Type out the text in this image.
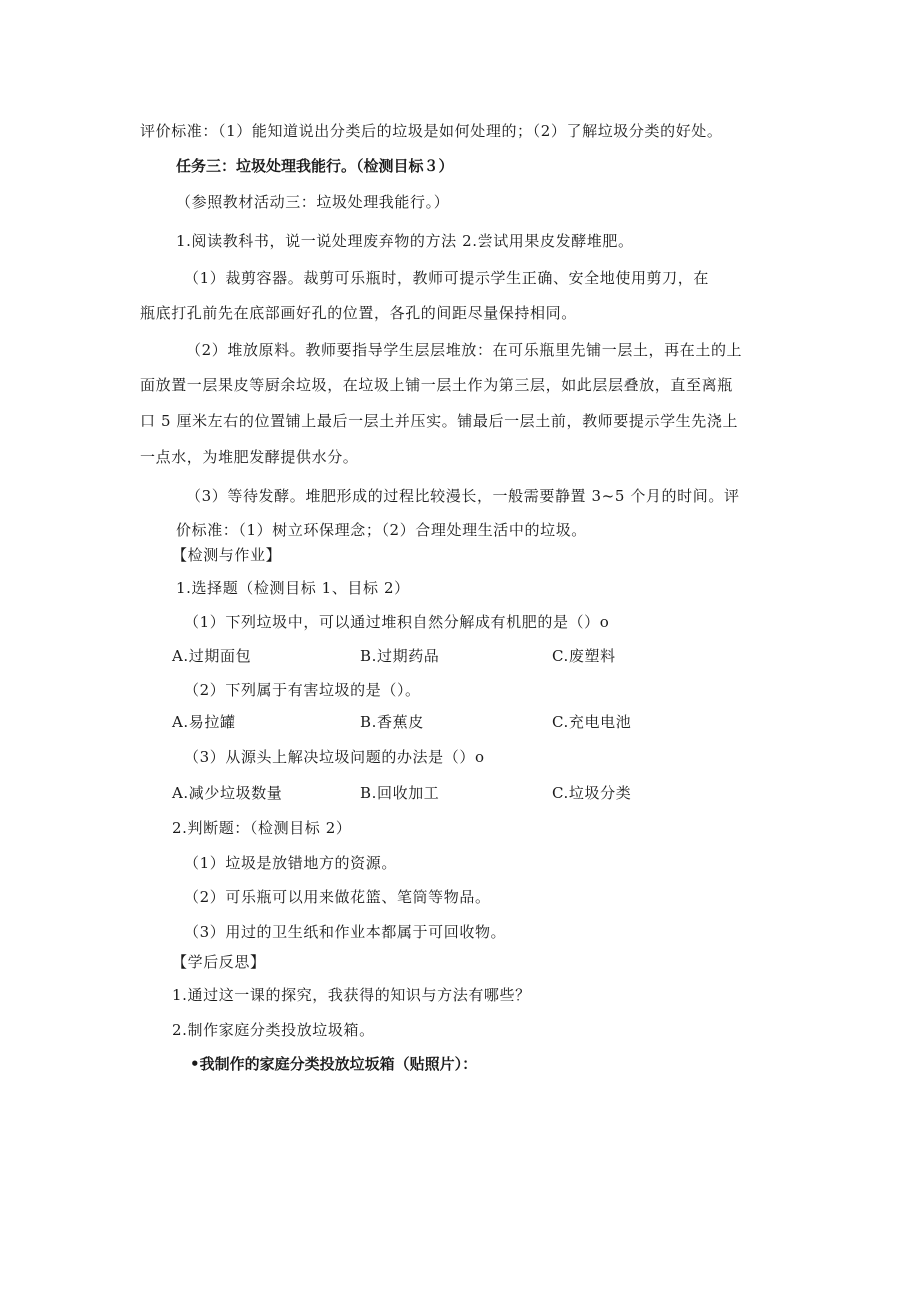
评价标准：（1）能知道说出分类后的垃圾是如何处理的；（2）了解垃圾分类的好处。
任务三：垃圾处理我能行。（检测目标３）
（参照教材活动三：垃圾处理我能行。）
1.阅读教科书，说一说处理废弃物的方法 2.尝试用果皮发酵堆肥。
（1）裁剪容器。裁剪可乐瓶时，教师可提示学生正确、安全地使用剪刀，在
瓶底打孔前先在底部画好孔的位置，各孔的间距尽量保持相同。
（2）堆放原料。教师要指导学生层层堆放：在可乐瓶里先铺一层土，再在土的上
面放置一层果皮等厨余垃圾，在垃圾上铺一层土作为第三层，如此层层叠放，直至离瓶
口 5 厘米左右的位置铺上最后一层土并压实。铺最后一层土前，教师要提示学生先浇上
一点水，为堆肥发酵提供水分。
（3）等待发酵。堆肥形成的过程比较漫长，一般需要静置 3~5 个月的时间。评
价标准：（1）树立环保理念；（2）合理处理生活中的垃圾。
【检测与作业】
1.选择题（检测目标 1、目标 2）
（1）下列垃圾中，可以通过堆积自然分解成有机肥的是（）o
A.过期面包	B.过期药品	C.废塑料
（2）下列属于有害垃圾的是（）。
A.易拉罐	B.香蕉皮	C.充电电池
（3）从源头上解决垃圾问题的办法是（）o
A.减少垃圾数量	B.回收加工	C.垃圾分类
2.判断题：（检测目标 2）
（1）垃圾是放错地方的资源。
（2）可乐瓶可以用来做花篮、笔筒等物品。
（3）用过的卫生纸和作业本都属于可回收物。
【学后反思】
1.通过这一课的探究，我获得的知识与方法有哪些？
2.制作家庭分类投放垃圾箱。
•我制作的家庭分类投放垃坂箱（贴照片）：
